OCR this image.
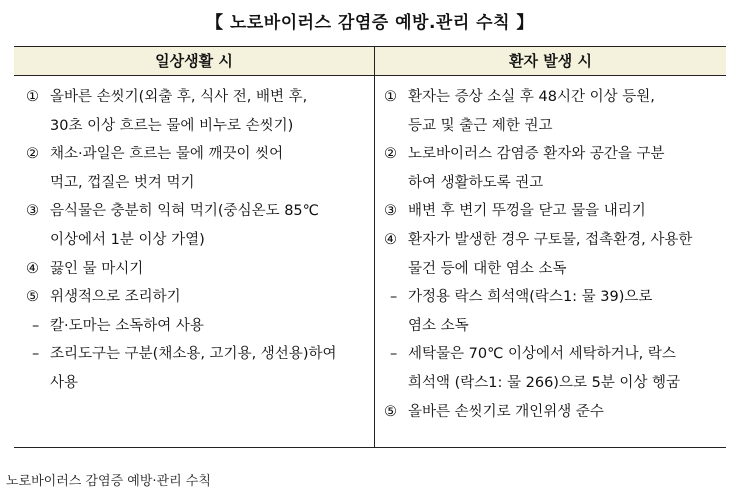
【 노로바이러스 감염증 예방.관리 수칙 】
일상생활 시	환자 발생 시
① 올바른 손씻기(외출 후, 식사 전, 배변 후,
30초 이상 흐르는 물에 비누로 손씻기)
② 채소·과일은 흐르는 물에 깨끗이 씻어
먹고, 껍질은 벗겨 먹기
③ 음식물은 충분히 익혀 먹기(중심온도 85℃
이상에서 1분 이상 가열)
④ 끓인 물 마시기
⑤ 위생적으로 조리하기
– 칼·도마는 소독하여 사용
– 조리도구는 구분(채소용, 고기용, 생선용)하여
사용
① 환자는 증상 소실 후 48시간 이상 등원,
등교 및 출근 제한 권고
② 노로바이러스 감염증 환자와 공간을 구분
하여 생활하도록 권고
③ 배변 후 변기 뚜껑을 닫고 물을 내리기
④ 환자가 발생한 경우 구토물, 접촉환경, 사용한
물건 등에 대한 염소 소독
– 가정용 락스 희석액(락스1: 물 39)으로
염소 소독
– 세탁물은 70℃ 이상에서 세탁하거나, 락스
희석액 (락스1: 물 266)으로 5분 이상 헹굼
⑤ 올바른 손씻기로 개인위생 준수
노로바이러스 감염증 예방·관리 수칙
